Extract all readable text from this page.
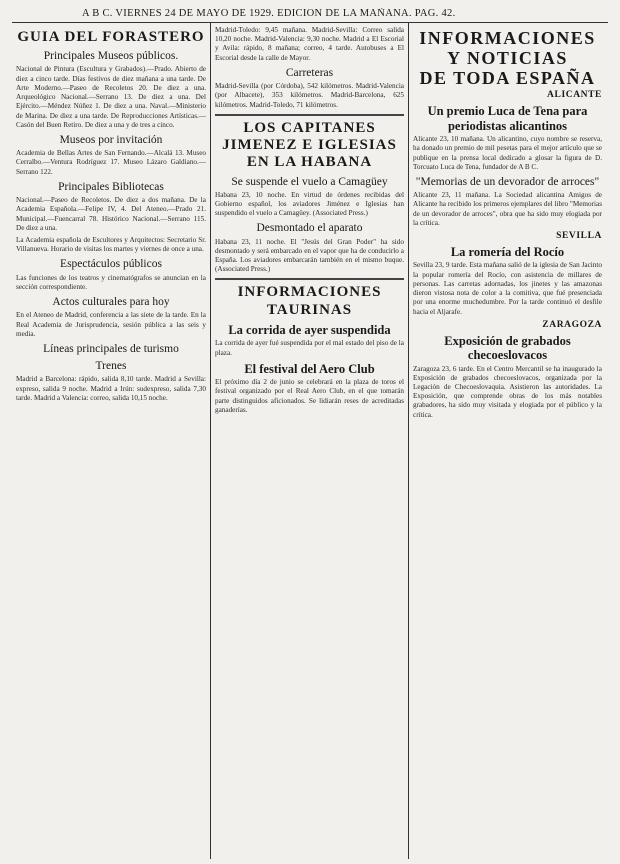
A B C. VIERNES 24 DE MAYO DE 1929. EDICION DE LA MAÑANA. PAG. 42.
GUIA DEL FORASTERO
Principales Museos públicos.
Nacional de Pintura (Escultura y Grabados).—Prado. Abierto de diez a cinco tarde. Días festivos de diez mañana a una tarde. De Arte Moderno.—Paseo de Recoletos 20. De diez a una. Arqueológico Nacional.—Serrano 13. De diez a una. Del Ejército.—Méndez Núñez 1. De diez a una. Naval.—Ministerio de Marina. De diez a una tarde. De Reproducciones Artísticas.—Casón del Buen Retiro. De diez a una y de tres a cinco.
Museos por invitación
Academia de Bellas Artes de San Fernando.—Alcalá 13. Museo Cerralbo.—Ventura Rodríguez 17. Museo Lázaro Galdiano.—Serrano 122.
Principales Bibliotecas
Nacional.—Paseo de Recoletos. De diez a dos mañana. De la Academia Española.—Felipe IV, 4. Del Ateneo.—Prado 21. Municipal.—Fuencarral 78. Histórico Nacional.—Serrano 115. De diez a una.
La Academia española de Escultores y Arquitectos: Secretario Sr. Villanueva. Horario de visitas los martes y viernes de once a una.
Espectáculos públicos
Las funciones de los teatros y cinematógrafos se anuncian en la sección correspondiente.
Actos culturales para hoy
En el Ateneo de Madrid, conferencia a las siete de la tarde. En la Real Academia de Jurisprudencia, sesión pública a las seis y media.
Líneas principales de turismo
Trenes
Madrid a Barcelona: rápido, salida 8,10 tarde. Madrid a Sevilla: expreso, salida 9 noche. Madrid a Irún: sudexpreso, salida 7,30 tarde. Madrid a Valencia: correo, salida 10,15 noche.
Madrid-Toledo: 9,45 mañana. Madrid-Sevilla: Correo salida 10,20 noche. Madrid-Valencia: 9,30 noche. Madrid a El Escorial y Avila: rápido, 8 mañana; correo, 4 tarde. Autobuses a El Escorial desde la calle de Mayor.
Carreteras
Madrid-Sevilla (por Córdoba), 542 kilómetros. Madrid-Valencia (por Albacete), 353 kilómetros. Madrid-Barcelona, 625 kilómetros. Madrid-Toledo, 71 kilómetros.
LOS CAPITANES JIMENEZ E IGLESIAS EN LA HABANA
Se suspende el vuelo a Camagüey
Habana 23, 10 noche. En virtud de órdenes recibidas del Gobierno español, los aviadores Jiménez e Iglesias han suspendido el vuelo a Camagüey. (Associated Press.)
Desmontado el aparato
Habana 23, 11 noche. El "Jesús del Gran Poder" ha sido desmontado y será embarcado en el vapor que ha de conducirlo a España. Los aviadores embarcarán también en el mismo buque. (Associated Press.)
INFORMACIONES TAURINAS
La corrida de ayer suspendida
La corrida de ayer fué suspendida por el mal estado del piso de la plaza.
El festival del Aero Club
El próximo día 2 de junio se celebrará en la plaza de toros el festival organizado por el Real Aero Club, en el que tomarán parte distinguidos aficionados. Se lidiarán reses de acreditadas ganaderías.
INFORMACIONES
Y NOTICIAS
DE TODA ESPAÑA
ALICANTE
Un premio Luca de Tena para periodistas alicantinos
Alicante 23, 10 mañana. Un alicantino, cuyo nombre se reserva, ha donado un premio de mil pesetas para el mejor artículo que se publique en la prensa local dedicado a glosar la figura de D. Torcuato Luca de Tena, fundador de A B C.
"Memorias de un devorador de arroces"
Alicante 23, 11 mañana. La Sociedad alicantina Amigos de Alicante ha recibido los primeros ejemplares del libro "Memorias de un devorador de arroces", obra que ha sido muy elogiada por la crítica.
SEVILLA
La romería del Rocío
Sevilla 23, 9 tarde. Esta mañana salió de la iglesia de San Jacinto la popular romería del Rocío, con asistencia de millares de personas. Las carretas adornadas, los jinetes y las amazonas dieron vistosa nota de color a la comitiva, que fué presenciada por una enorme muchedumbre. Por la tarde continuó el desfile hacia el Aljarafe.
ZARAGOZA
Exposición de grabados checoeslovacos
Zaragoza 23, 6 tarde. En el Centro Mercantil se ha inaugurado la Exposición de grabados checoeslovacos, organizada por la Legación de Checoeslovaquia. Asistieron las autoridades. La Exposición, que comprende obras de los más notables grabadores, ha sido muy visitada y elogiada por el público y la crítica.
